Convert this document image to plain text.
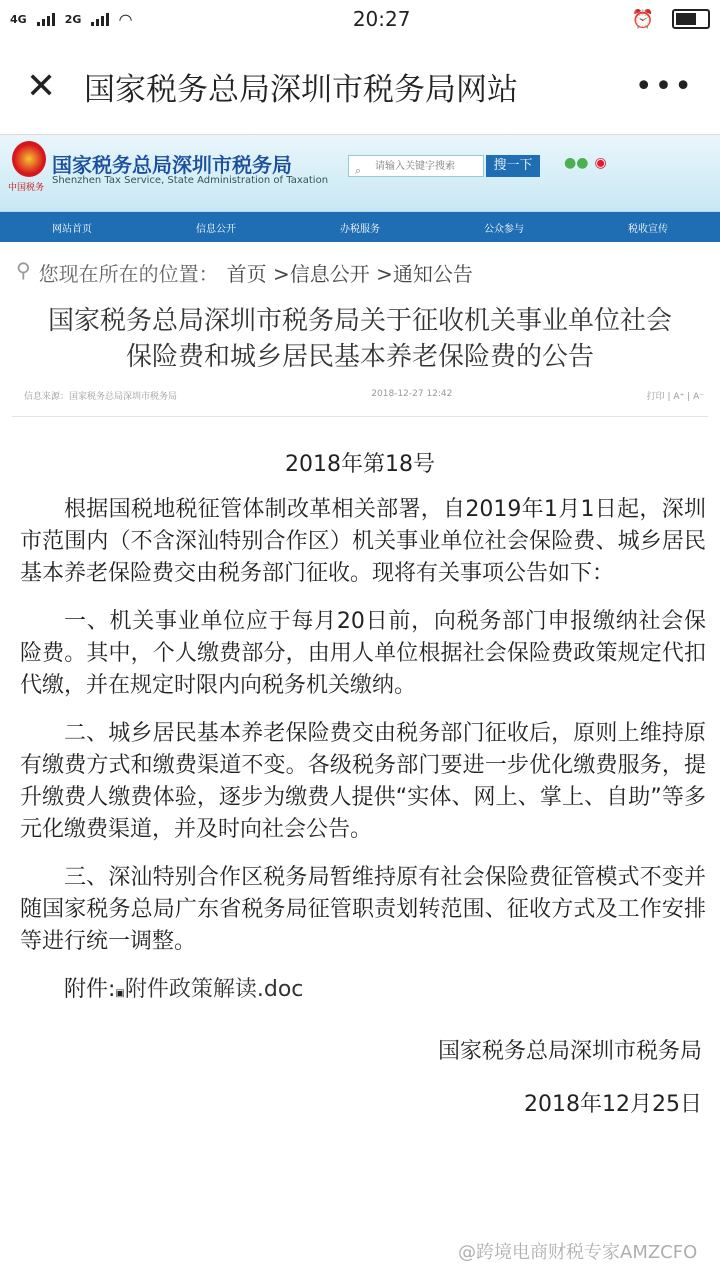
4G	2G ◠	20:27	⏰
✕ 国家税务总局深圳市税务局网站	•••
中国税务
国家税务总局深圳市税务局
Shenzhen Tax Service, State Administration of Taxation
⌕ 请输入关键字搜索	搜一下	●● ◉
网站首页	信息公开	办税服务	公众参与	税收宣传
⚲ 您现在所在的位置： 首页 >信息公开 >通知公告
国家税务总局深圳市税务局关于征收机关事业单位社会保险费和城乡居民基本养老保险费的公告
信息来源：国家税务总局深圳市税务局	2018-12-27 12:42	打印 | A⁺ | A⁻
2018年第18号

根据国税地税征管体制改革相关部署，自2019年1月1日起，深圳市范围内（不含深汕特别合作区）机关事业单位社会保险费、城乡居民基本养老保险费交由税务部门征收。现将有关事项公告如下：

一、机关事业单位应于每月20日前，向税务部门申报缴纳社会保险费。其中，个人缴费部分，由用人单位根据社会保险费政策规定代扣代缴，并在规定时限内向税务机关缴纳。

二、城乡居民基本养老保险费交由税务部门征收后，原则上维持原有缴费方式和缴费渠道不变。各级税务部门要进一步优化缴费服务，提升缴费人缴费体验，逐步为缴费人提供“实体、网上、掌上、自助”等多元化缴费渠道，并及时向社会公告。

三、深汕特别合作区税务局暂维持原有社会保险费征管模式不变并随国家税务总局广东省税务局征管职责划转范围、征收方式及工作安排等进行统一调整。

附件:▣附件政策解读.doc
国家税务总局深圳市税务局
2018年12月25日
@跨境电商财税专家AMZCFO
